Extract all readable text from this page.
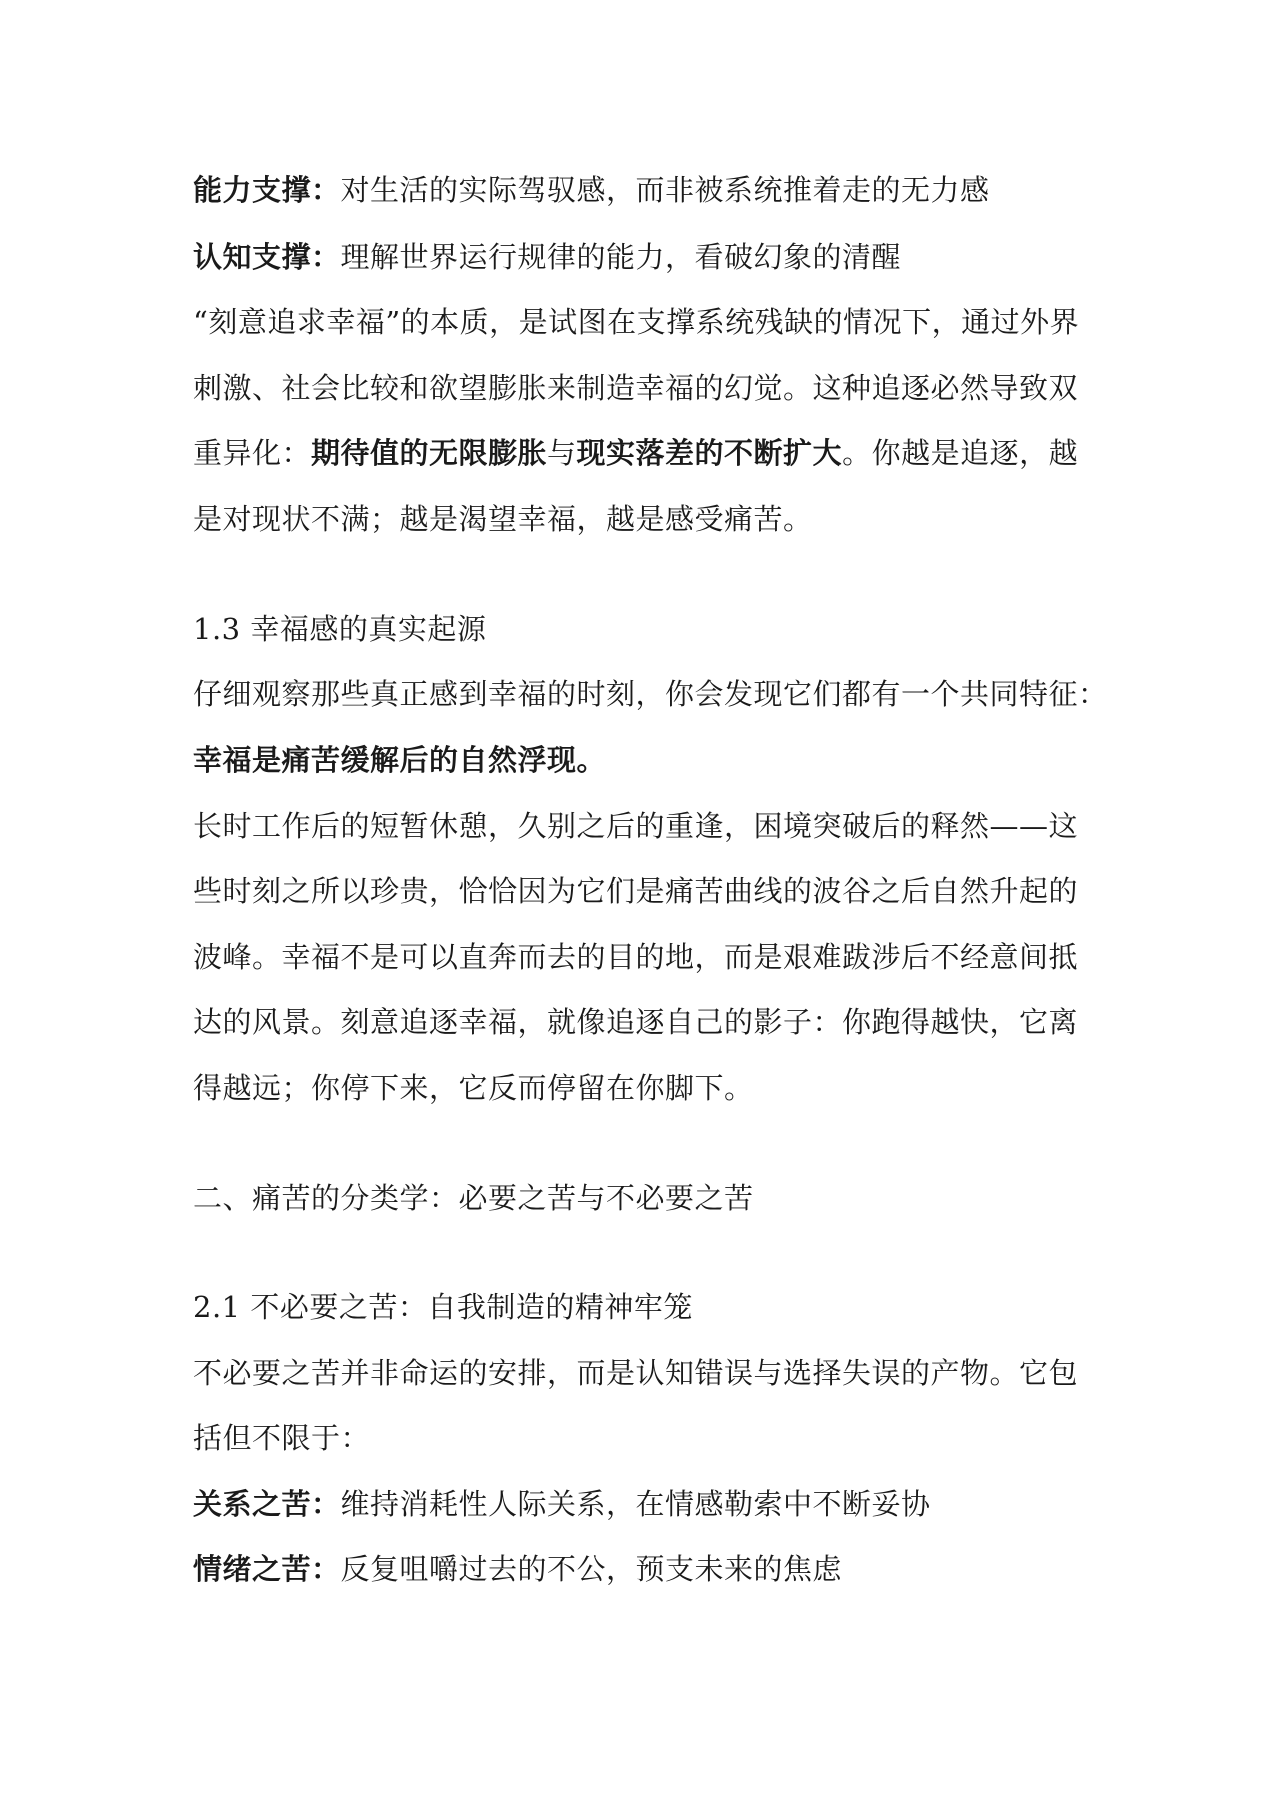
能力支撑：对生活的实际驾驭感，而非被系统推着走的无力感
认知支撑：理解世界运行规律的能力，看破幻象的清醒
“刻意追求幸福”的本质，是试图在支撑系统残缺的情况下，通过外界
刺激、社会比较和欲望膨胀来制造幸福的幻觉。这种追逐必然导致双
重异化：期待值的无限膨胀与现实落差的不断扩大。你越是追逐，越
是对现状不满；越是渴望幸福，越是感受痛苦。
1.3 幸福感的真实起源
仔细观察那些真正感到幸福的时刻，你会发现它们都有一个共同特征：
幸福是痛苦缓解后的自然浮现。
长时工作后的短暂休憩，久别之后的重逢，困境突破后的释然——这
些时刻之所以珍贵，恰恰因为它们是痛苦曲线的波谷之后自然升起的
波峰。幸福不是可以直奔而去的目的地，而是艰难跋涉后不经意间抵
达的风景。刻意追逐幸福，就像追逐自己的影子：你跑得越快，它离
得越远；你停下来，它反而停留在你脚下。
二、痛苦的分类学：必要之苦与不必要之苦
2.1 不必要之苦：自我制造的精神牢笼
不必要之苦并非命运的安排，而是认知错误与选择失误的产物。它包
括但不限于：
关系之苦：维持消耗性人际关系，在情感勒索中不断妥协
情绪之苦：反复咀嚼过去的不公，预支未来的焦虑
